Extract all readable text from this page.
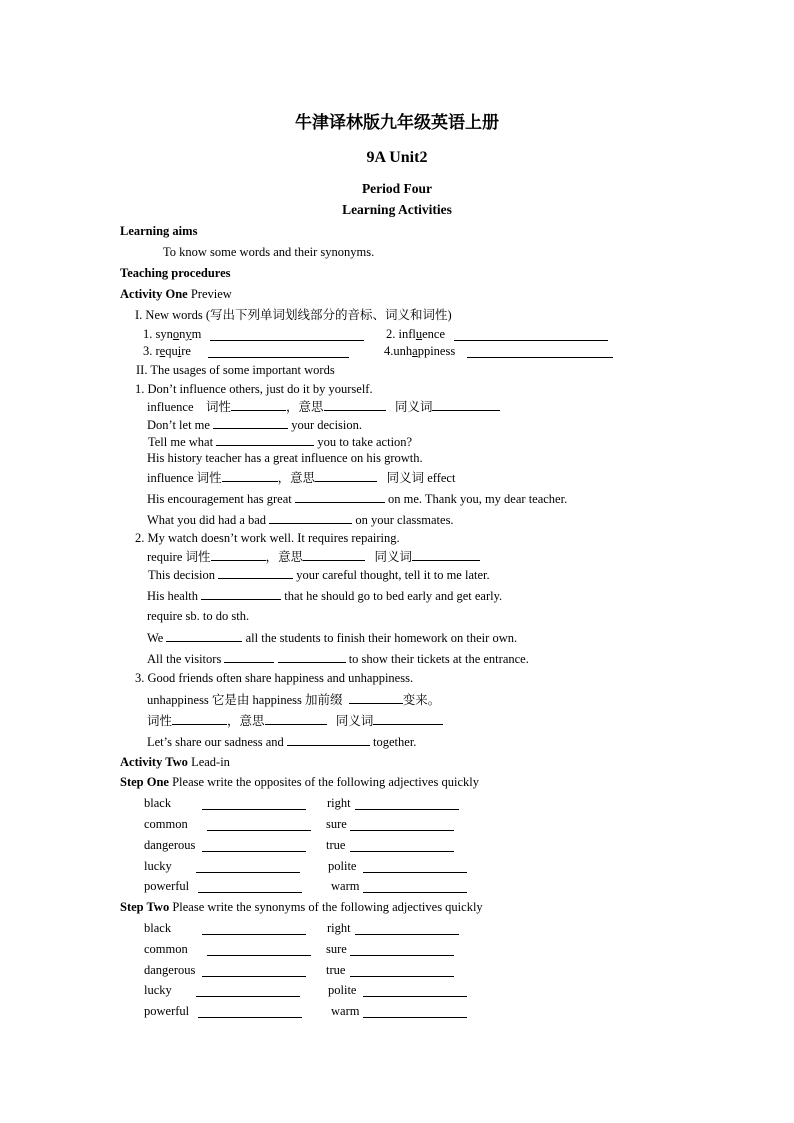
牛津译林版九年级英语上册
9A Unit2
Period Four
Learning Activities
Learning aims
To know some words and their synonyms.
Teaching procedures
Activity One Preview
I. New words (写出下列单词划线部分的音标、词义和词性)
1. synonym	2. influence
3. require	4.unhappiness
II. The usages of some important words
1. Don’t influence others, just do it by yourself.
influence 词性	，意思	同义词
Don’t let me	your decision.
Tell me what	you to take action?
His history teacher has a great influence on his growth.
influence 词性	，意思	同义词 effect
His encouragement has great	on me. Thank you, my dear teacher.
What you did had a bad	on your classmates.
2. My watch doesn’t work well. It requires repairing.
require 词性	，意思	同义词
This decision	your careful thought, tell it to me later.
His health	that he should go to bed early and get early.
require sb. to do sth.
We	all the students to finish their homework on their own.
All the visitors	to show their tickets at the entrance.
3. Good friends often share happiness and unhappiness.
unhappiness 它是由 happiness 加前缀	变来。
词性	，意思	同义词
Let’s share our sadness and	together.
Activity Two Lead-in
Step One Please write the opposites of the following adjectives quickly
black	right
common	sure
dangerous	true
lucky	polite
powerful	warm
Step Two Please write the synonyms of the following adjectives quickly
black	right
common	sure
dangerous	true
lucky	polite
powerful	warm
